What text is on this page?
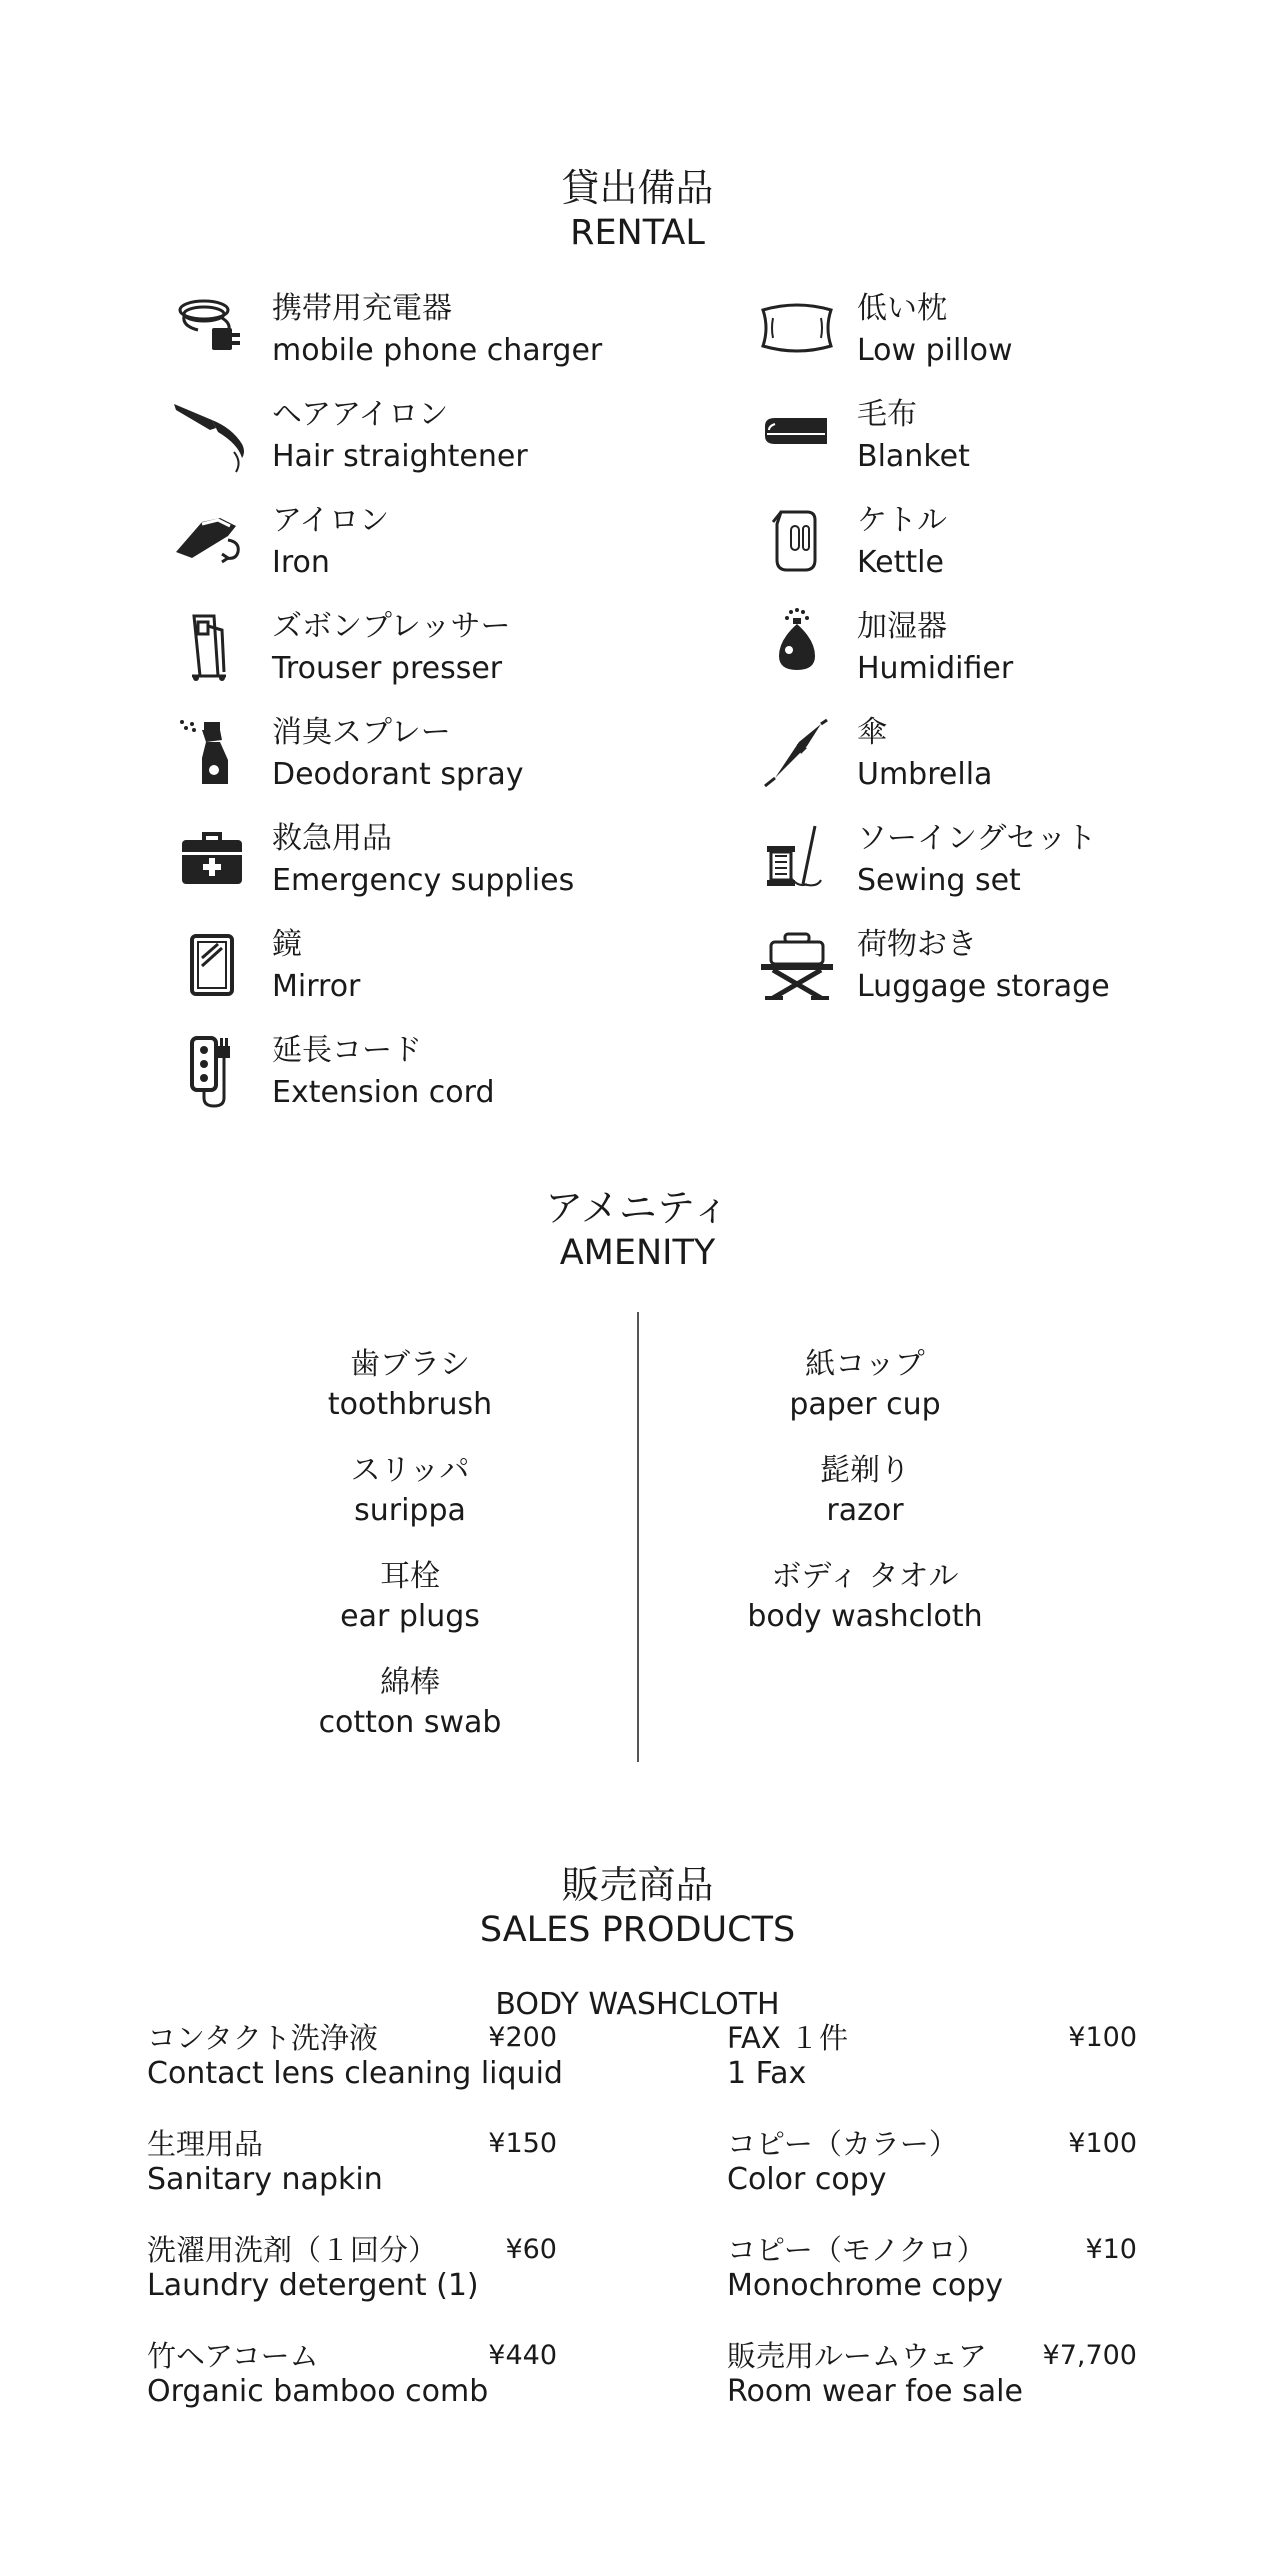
貸出備品
RENTAL
携帯用充電器
mobile phone charger
ヘアアイロン
Hair straightener
アイロン
Iron
ズボンプレッサー
Trouser presser
消臭スプレー
Deodorant spray
救急用品
Emergency supplies
鏡
Mirror
延長コード
Extension cord
低い枕
Low pillow
毛布
Blanket
ケトル
Kettle
加湿器
Humidifier
傘
Umbrella
ソーイングセット
Sewing set
荷物おき
Luggage storage
アメニティ
AMENITY
歯ブラシ
toothbrush
スリッパ
surippa
耳栓
ear plugs
綿棒
cotton swab
紙コップ
paper cup
髭剃り
razor
ボディ タオル
body washcloth
販売商品
SALES PRODUCTS
BODY WASHCLOTH
コンタクト洗浄液	¥200
Contact lens cleaning liquid
生理用品	¥150
Sanitary napkin
洗濯用洗剤（１回分）	¥60
Laundry detergent (1)
竹ヘアコーム	¥440
Organic bamboo comb
FAX １件	¥100
1 Fax
コピー（カラー）	¥100
Color copy
コピー（モノクロ）	¥10
Monochrome copy
販売用ルームウェア ¥7,700
Room wear foe sale
